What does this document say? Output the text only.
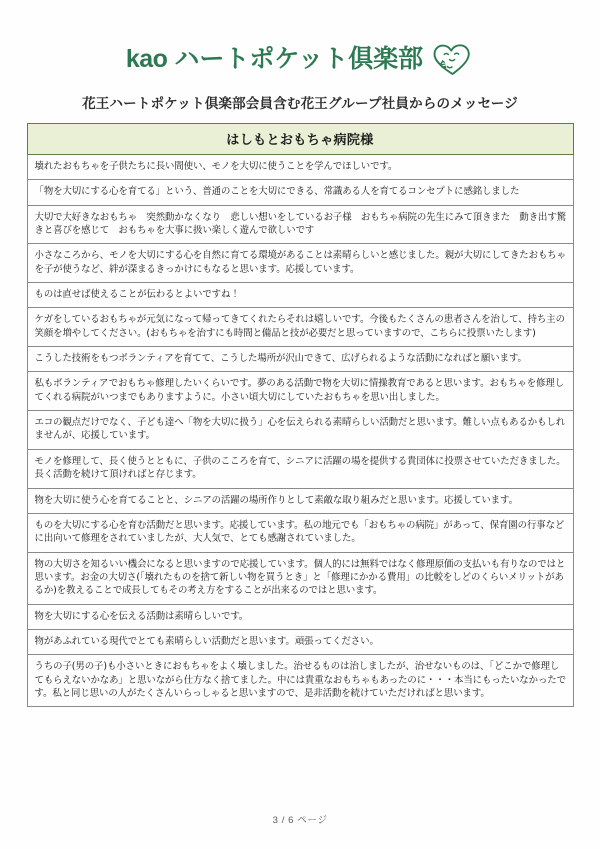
kao ハートポケット倶楽部
花王ハートポケット倶楽部会員含む花王グループ社員からのメッセージ
はしもとおもちゃ病院様
壊れたおもちゃを子供たちに長い間使い、モノを大切に使うことを学んでほしいです。
「物を大切にする心を育てる」という、普通のことを大切にできる、常識ある人を育てるコンセプトに感銘しました
大切で大好きなおもちゃ　突然動かなくなり　悲しい想いをしているお子様　おもちゃ病院の先生にみて頂きまた　動き出す驚きと喜びを感じて　おもちゃを大事に扱い楽しく遊んで欲しいです
小さなころから、モノを大切にする心を自然に育てる環境があることは素晴らしいと感じました。親が大切にしてきたおもちゃを子が使うなど、絆が深まるきっかけにもなると思います。応援しています。
ものは直せば使えることが伝わるとよいですね！
ケガをしているおもちゃが元気になって帰ってきてくれたらそれは嬉しいです。今後もたくさんの患者さんを治して、持ち主の笑顔を増やしてください。(おもちゃを治すにも時間と備品と技が必要だと思っていますので、こちらに投票いたします)
こうした技術をもつボランティアを育てて、こうした場所が沢山できて、広げられるような活動になればと願います。
私もボランティアでおもちゃ修理したいくらいです。夢のある活動で物を大切に情操教育であると思います。おもちゃを修理してくれる病院がいつまでもありますように。小さい頃大切にしていたおもちゃを思い出しました。
エコの観点だけでなく、子ども達へ「物を大切に扱う」心を伝えられる素晴らしい活動だと思います。難しい点もあるかもしれませんが、応援しています。
モノを修理して、長く使うとともに、子供のこころを育て、シニアに活躍の場を提供する貴団体に投票させていただきました。長く活動を続けて頂ければと存じます。
物を大切に使う心を育てることと、シニアの活躍の場所作りとして素敵な取り組みだと思います。応援しています。
ものを大切にする心を育む活動だと思います。応援しています。私の地元でも「おもちゃの病院」があって、保育園の行事などに出向いて修理をされていましたが、大人気で、とても感謝されていました。
物の大切さを知るいい機会になると思いますので応援しています。個人的には無料ではなく修理原価の支払いも有りなのではと思います。お金の大切さ(「壊れたものを捨て新しい物を買うとき」と「修理にかかる費用」の比較をしどのくらいメリットがあるか)を教えることで成長してもその考え方をすることが出来るのではと思います。
物を大切にする心を伝える活動は素晴らしいです。
物があふれている現代でとても素晴らしい活動だと思います。頑張ってください。
うちの子(男の子)も小さいときにおもちゃをよく壊しました。治せるものは治しましたが、治せないものは、「どこかで修理してもらえないかなあ」と思いながら仕方なく捨てました。中には貴重なおもちゃもあったのに・・・本当にもったいなかったです。私と同じ思いの人がたくさんいらっしゃると思いますので、是非活動を続けていただければと思います。
3 / 6 ページ
